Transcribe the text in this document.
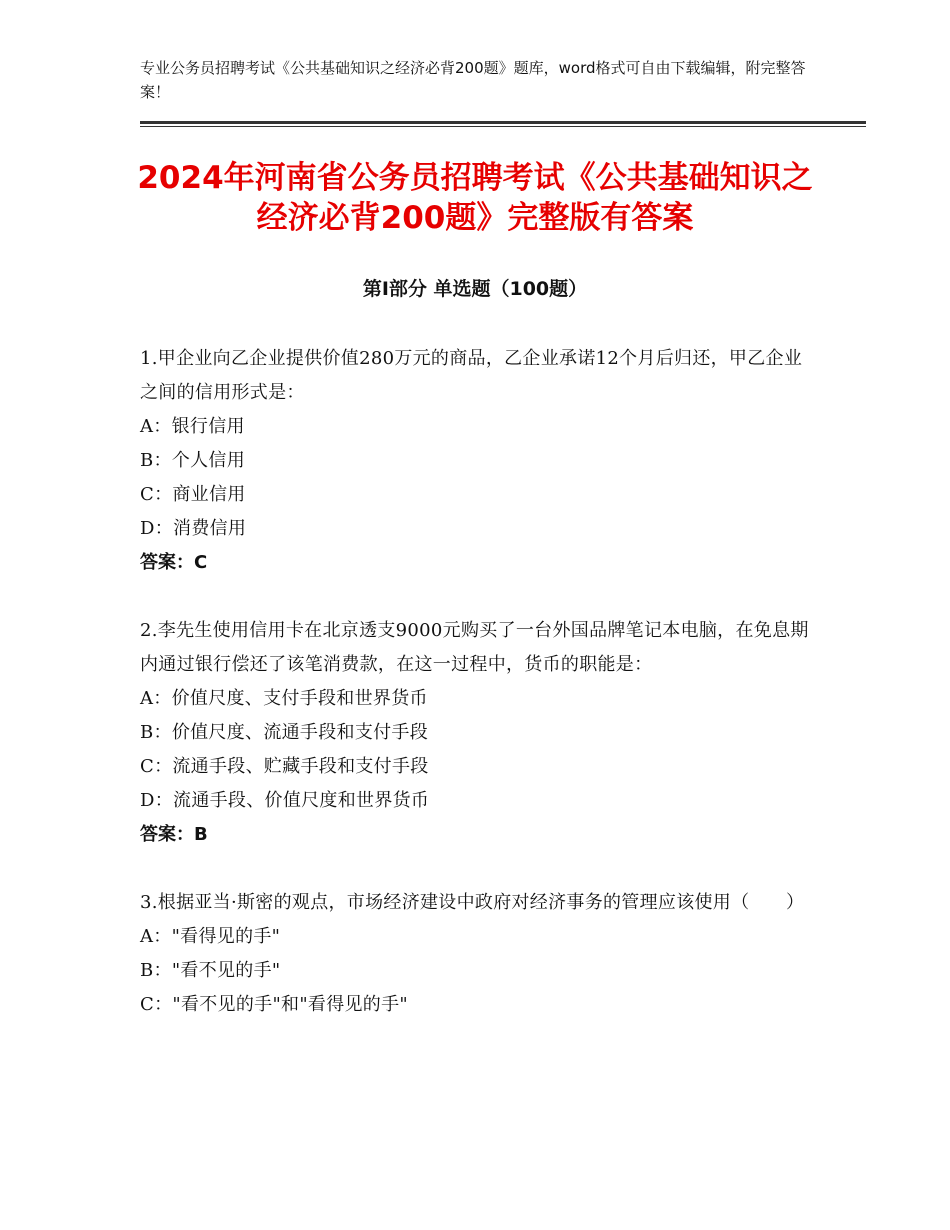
专业公务员招聘考试《公共基础知识之经济必背200题》题库，word格式可自由下载编辑，附完整答案！
2024年河南省公务员招聘考试《公共基础知识之经济必背200题》完整版有答案
第Ⅰ部分 单选题（100题）
1.甲企业向乙企业提供价值280万元的商品，乙企业承诺12个月后归还，甲乙企业之间的信用形式是：
A：银行信用
B：个人信用
C：商业信用
D：消费信用
答案：C
2.李先生使用信用卡在北京透支9000元购买了一台外国品牌笔记本电脑，在免息期内通过银行偿还了该笔消费款，在这一过程中，货币的职能是：
A：价值尺度、支付手段和世界货币
B：价值尺度、流通手段和支付手段
C：流通手段、贮藏手段和支付手段
D：流通手段、价值尺度和世界货币
答案：B
3.根据亚当·斯密的观点，市场经济建设中政府对经济事务的管理应该使用（　　）
A："看得见的手"
B："看不见的手"
C："看不见的手"和"看得见的手"
